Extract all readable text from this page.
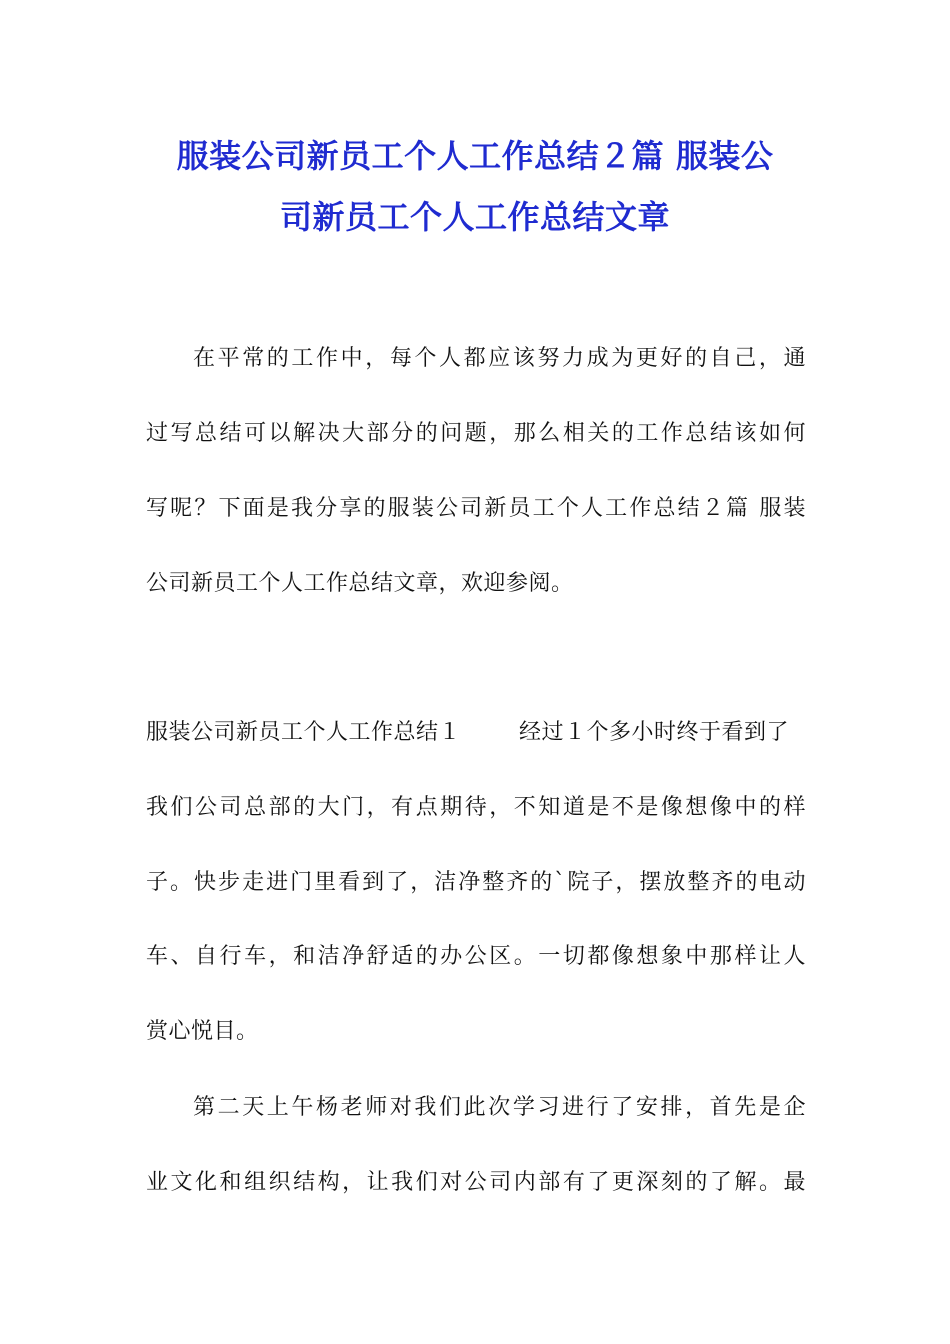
服装公司新员工个人工作总结２篇 服装公
司新员工个人工作总结文章

在平常的工作中，每个人都应该努力成为更好的自己，通

过写总结可以解决大部分的问题，那么相关的工作总结该如何

写呢？下面是我分享的服装公司新员工个人工作总结２篇 服装

公司新员工个人工作总结文章，欢迎参阅。

服装公司新员工个人工作总结１	经过１个多小时终于看到了

我们公司总部的大门，有点期待，不知道是不是像想像中的样

子。快步走进门里看到了，洁净整齐的`院子，摆放整齐的电动

车、自行车，和洁净舒适的办公区。一切都像想象中那样让人

赏心悦目。

第二天上午杨老师对我们此次学习进行了安排，首先是企

业文化和组织结构，让我们对公司内部有了更深刻的了解。最
